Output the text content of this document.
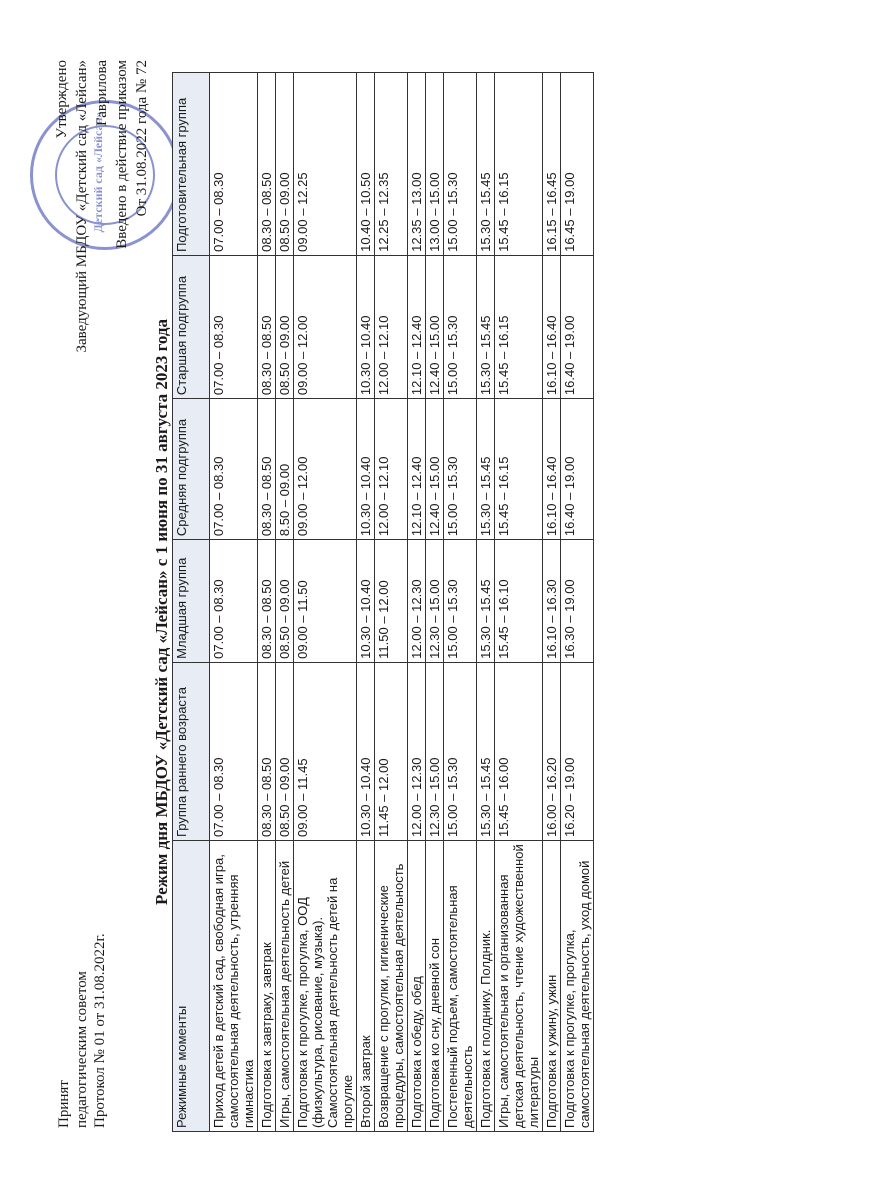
Принят педагогическим советом Протокол № 01 от 31.08.2022г.
Детский сад «Лейсан»
Утверждено Заведующий МБДОУ «Детский сад «Лейсан» Гаврилова Введено в действие приказом От 31.08.2022 года № 72
Режим дня МБДОУ «Детский сад «Лейсан» с 1 июня по 31 августа 2023 года
Режимные моменты	Группа раннего возраста	Младшая группа	Средняя подгруппа	Старшая подгруппа	Подготовительная группа
Приход детей в детский сад, свободная игра, самостоятельная деятельность, утренняя гимнастика	07.00 – 08.30	07.00 – 08.30	07.00 – 08.30	07.00 – 08.30	07.00 – 08.30
Подготовка к завтраку, завтрак	08.30 – 08.50	08.30 – 08.50	08.30 – 08.50	08.30 – 08.50	08.30 – 08.50
Игры, самостоятельная деятельность детей	08.50 – 09.00	08.50 – 09.00	8.50 – 09.00	08.50 – 09.00	08.50 – 09.00
Подготовка к прогулке, прогулка, ООД (физкультура, рисование, музыка). Самостоятельная деятельность детей на прогулке	09.00 – 11.45	09.00 – 11.50	09.00 – 12.00	09.00 – 12.00	09.00 – 12.25
Второй завтрак	10.30 – 10.40	10.30 – 10.40	10.30 – 10.40	10.30 – 10.40	10.40 – 10.50
Возвращение с прогулки, гигиенические процедуры, самостоятельная деятельность	11.45 – 12.00	11.50 – 12.00	12.00 – 12.10	12.00 – 12.10	12.25 – 12.35
Подготовка к обеду, обед	12.00 – 12.30	12.00 – 12.30	12.10 – 12.40	12.10 – 12.40	12.35 – 13.00
Подготовка ко сну, дневной сон	12.30 – 15.00	12.30 – 15.00	12.40 – 15.00	12.40 – 15.00	13.00 – 15.00
Постепенный подъем, самостоятельная деятельность	15.00 – 15.30	15.00 – 15.30	15.00 – 15.30	15.00 – 15.30	15.00 – 15.30
Подготовка к полднику. Полдник.	15.30 – 15.45	15.30 – 15.45	15.30 – 15.45	15.30 – 15.45	15.30 – 15.45
Игры, самостоятельная и организованная детская деятельность, чтение художественной литературы	15.45 – 16.00	15.45 – 16.10	15.45 – 16.15	15.45 – 16.15	15.45 – 16.15
Подготовка к ужину, ужин	16.00 – 16.20	16.10 – 16.30	16.10 – 16.40	16.10 – 16.40	16.15 – 16.45
Подготовка к прогулке, прогулка, самостоятельная деятельность, уход домой	16.20 – 19.00	16.30 – 19.00	16.40 – 19.00	16.40 – 19.00	16.45 – 19.00
